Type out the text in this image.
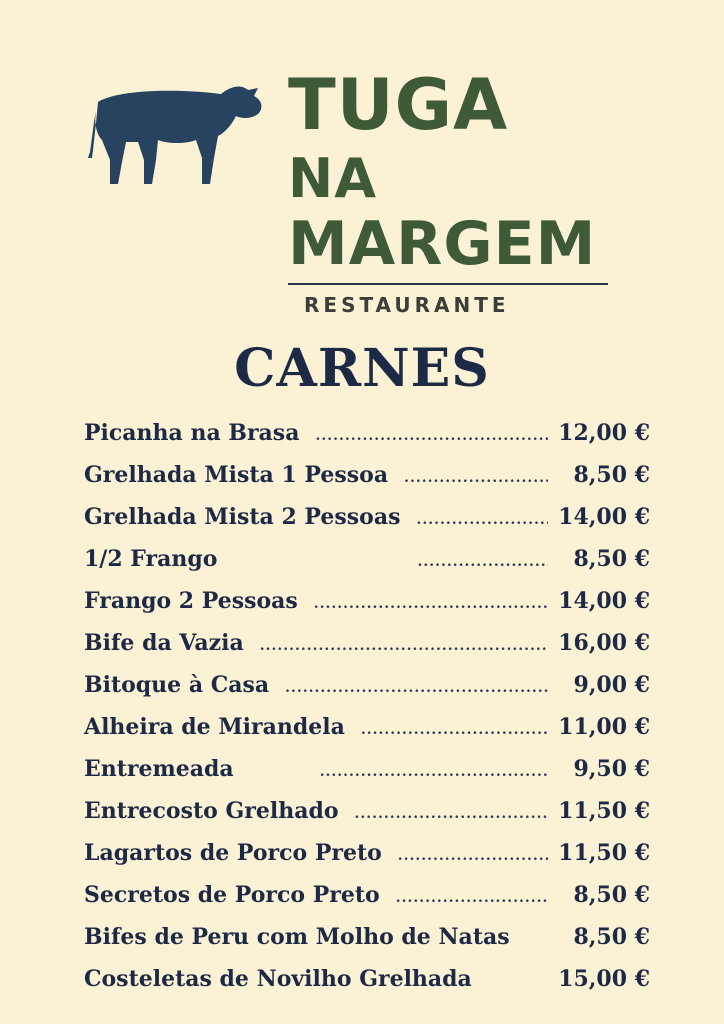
TUGA
NA
MARGEM
RESTAURANTE
CARNES
Picanha na Brasa .....	12,00 €
Grelhada Mista 1 Pessoa .....	8,50 €
Grelhada Mista 2 Pessoas .....	14,00 €
1/2 Frango .....	8,50 €
Frango 2 Pessoas .....	14,00 €
Bife da Vazia .....	16,00 €
Bitoque à Casa .....	9,00 €
Alheira de Mirandela .....	11,00 €
Entremeada .....	9,50 €
Entrecosto Grelhado .....	11,50 €
Lagartos de Porco Preto .....	11,50 €
Secretos de Porco Preto .....	8,50 €
Bifes de Peru com Molho de Natas	8,50 €
Costeletas de Novilho Grelhada	15,00 €
